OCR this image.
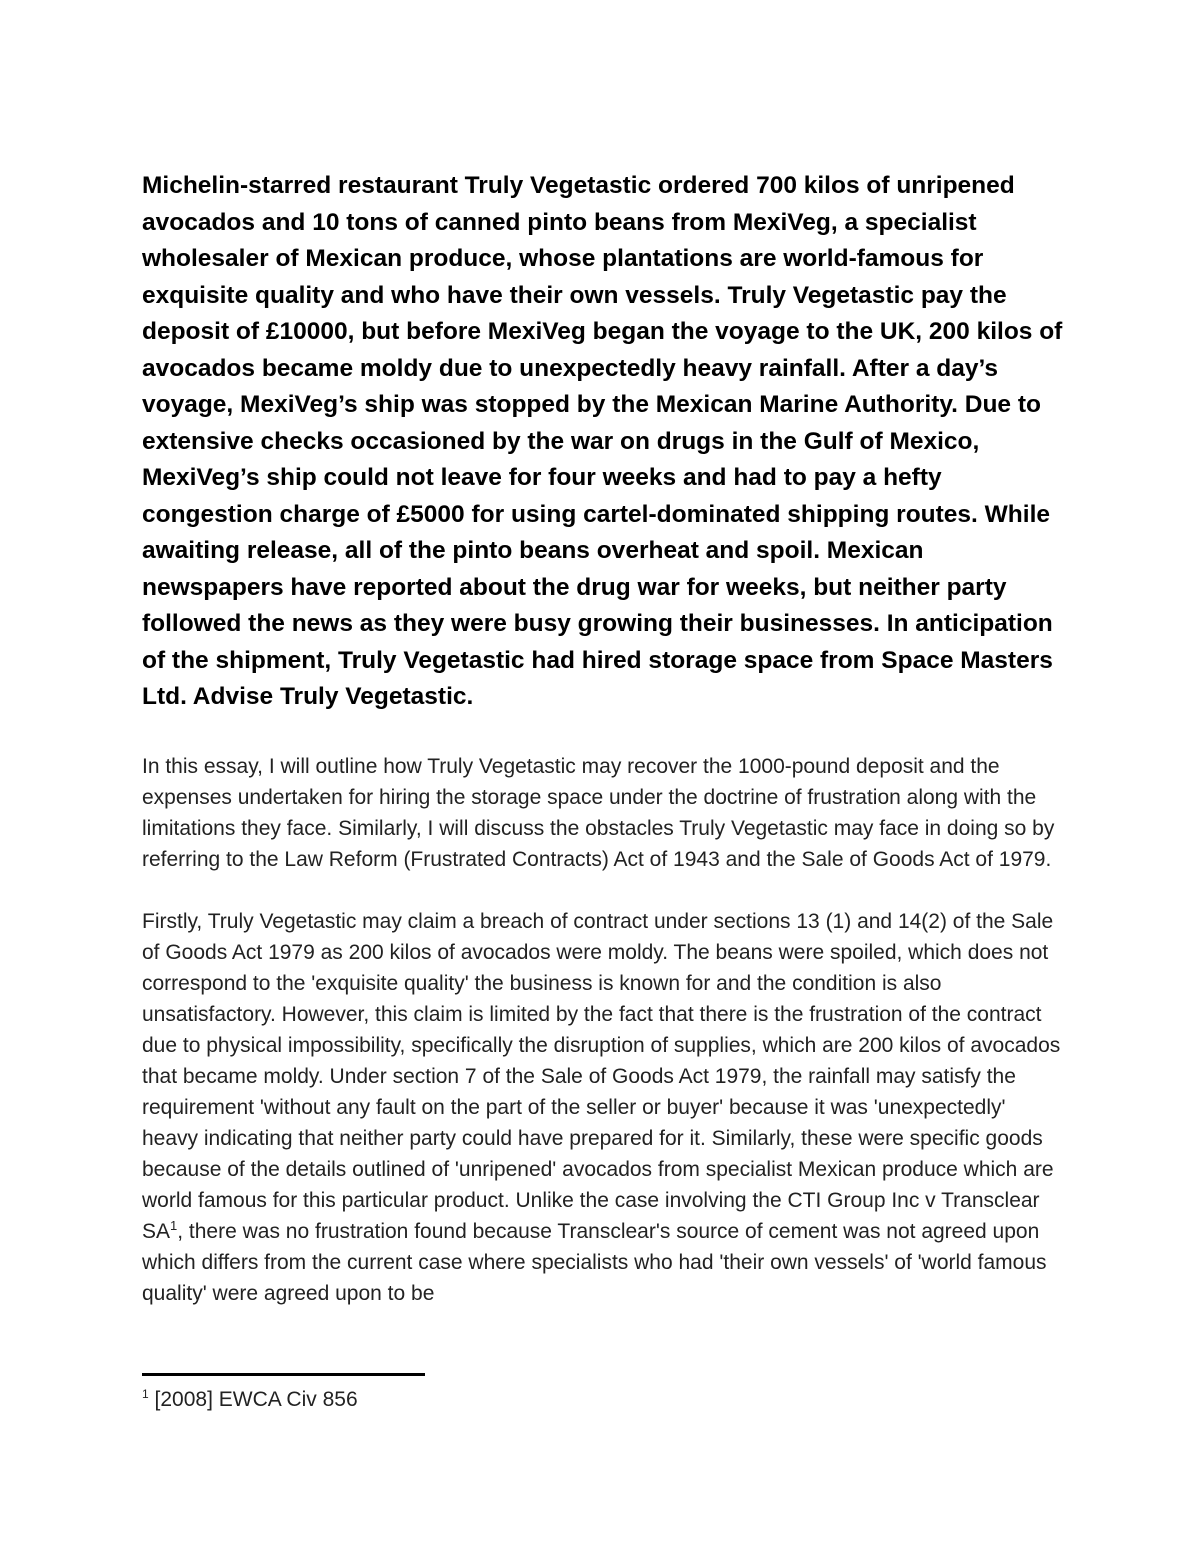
Michelin-starred restaurant Truly Vegetastic ordered 700 kilos of unripened avocados and 10 tons of canned pinto beans from MexiVeg, a specialist wholesaler of Mexican produce, whose plantations are world-famous for exquisite quality and who have their own vessels. Truly Vegetastic pay the deposit of £10000, but before MexiVeg began the voyage to the UK, 200 kilos of avocados became moldy due to unexpectedly heavy rainfall. After a day’s voyage, MexiVeg’s ship was stopped by the Mexican Marine Authority. Due to extensive checks occasioned by the war on drugs in the Gulf of Mexico, MexiVeg’s ship could not leave for four weeks and had to pay a hefty congestion charge of £5000 for using cartel-dominated shipping routes. While awaiting release, all of the pinto beans overheat and spoil. Mexican newspapers have reported about the drug war for weeks, but neither party followed the news as they were busy growing their businesses. In anticipation of the shipment, Truly Vegetastic had hired storage space from Space Masters Ltd. Advise Truly Vegetastic.

In this essay, I will outline how Truly Vegetastic may recover the 1000-pound deposit and the expenses undertaken for hiring the storage space under the doctrine of frustration along with the limitations they face. Similarly, I will discuss the obstacles Truly Vegetastic may face in doing so by referring to the Law Reform (Frustrated Contracts) Act of 1943 and the Sale of Goods Act of 1979.

Firstly, Truly Vegetastic may claim a breach of contract under sections 13 (1) and 14(2) of the Sale of Goods Act 1979 as 200 kilos of avocados were moldy. The beans were spoiled, which does not correspond to the 'exquisite quality' the business is known for and the condition is also unsatisfactory. However, this claim is limited by the fact that there is the frustration of the contract due to physical impossibility, specifically the disruption of supplies, which are 200 kilos of avocados that became moldy. Under section 7 of the Sale of Goods Act 1979, the rainfall may satisfy the requirement 'without any fault on the part of the seller or buyer' because it was 'unexpectedly' heavy indicating that neither party could have prepared for it. Similarly, these were specific goods because of the details outlined of 'unripened' avocados from specialist Mexican produce which are world famous for this particular product. Unlike the case involving the CTI Group Inc v Transclear $SA^1$, there was no frustration found because Transclear's source of cement was not agreed upon which differs from the current case where specialists who had 'their own vessels' of 'world famous quality' were agreed upon to be

$^1$ [2008] EWCA Civ 856
